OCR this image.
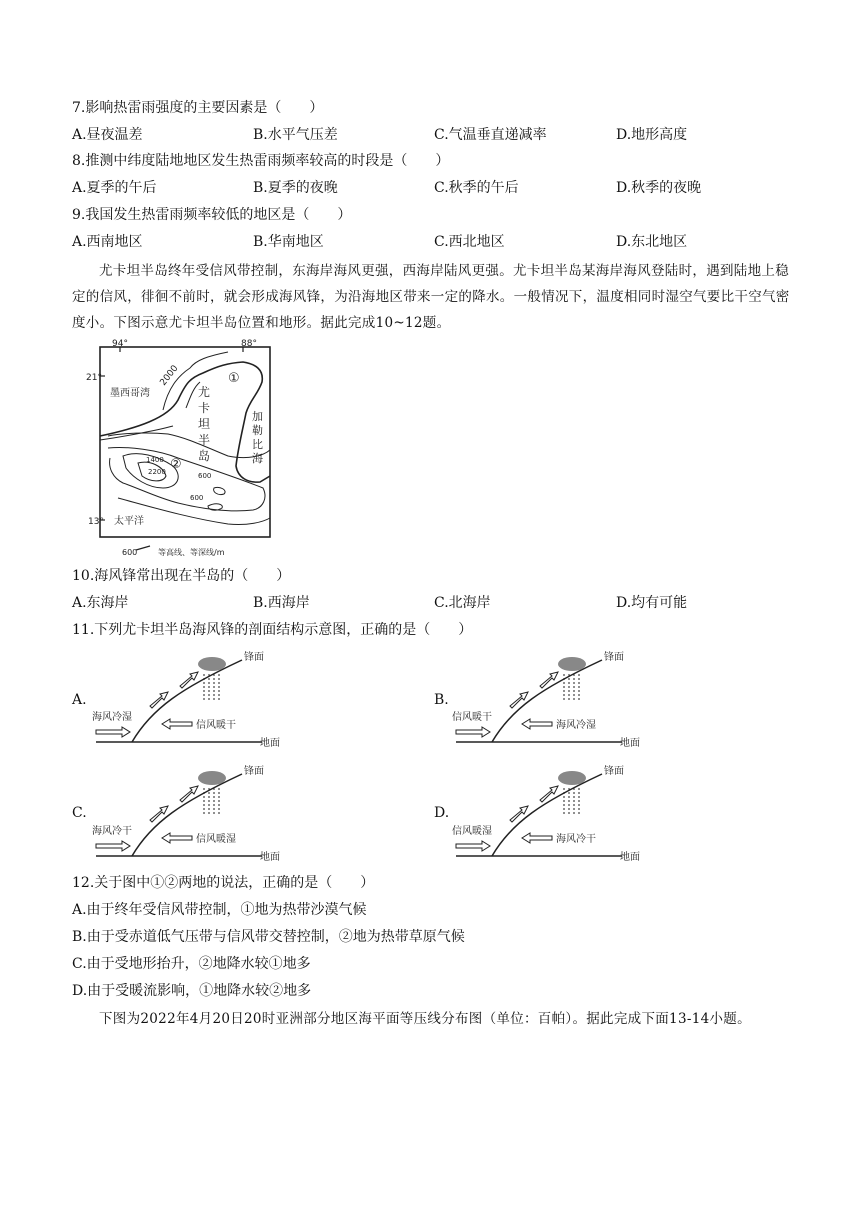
7.影响热雷雨强度的主要因素是（　　）
A.昼夜温差	B.水平气压差	C.气温垂直递减率	D.地形高度
8.推测中纬度陆地地区发生热雷雨频率较高的时段是（　　）
A.夏季的午后	B.夏季的夜晚	C.秋季的午后	D.秋季的夜晚
9.我国发生热雷雨频率较低的地区是（　　）
A.西南地区	B.华南地区	C.西北地区	D.东北地区
尤卡坦半岛终年受信风带控制，东海岸海风更强，西海岸陆风更强。尤卡坦半岛某海岸海风登陆时，遇到陆地上稳定的信风，徘徊不前时，就会形成海风锋，为沿海地区带来一定的降水。一般情况下，温度相同时湿空气要比干空气密度小。下图示意尤卡坦半岛位置和地形。据此完成10~12题。
94°	88°
21°
13°
墨西哥湾
2000	①
1400
2200 ②
600
600
太平洋
600	等高线、等深线/m
尤
卡
坦
半
岛
加
勒
比
海
10.海风锋常出现在半岛的（　　）
A.东海岸	B.西海岸	C.北海岸	D.均有可能
11.下列尤卡坦半岛海风锋的剖面结构示意图，正确的是（　　）
A.	B.
C.	D.
海风冷湿
信风暖干
锋面
地面
信风暖干
海风冷湿
锋面
地面
海风冷干
信风暖湿
锋面
地面
信风暖湿
海风冷干
锋面
地面
12.关于图中①②两地的说法，正确的是（　　）
A.由于终年受信风带控制，①地为热带沙漠气候
B.由于受赤道低气压带与信风带交替控制，②地为热带草原气候
C.由于受地形抬升，②地降水较①地多
D.由于受暖流影响，①地降水较②地多
下图为2022年4月20日20时亚洲部分地区海平面等压线分布图（单位：百帕）。据此完成下面13-14小题。
